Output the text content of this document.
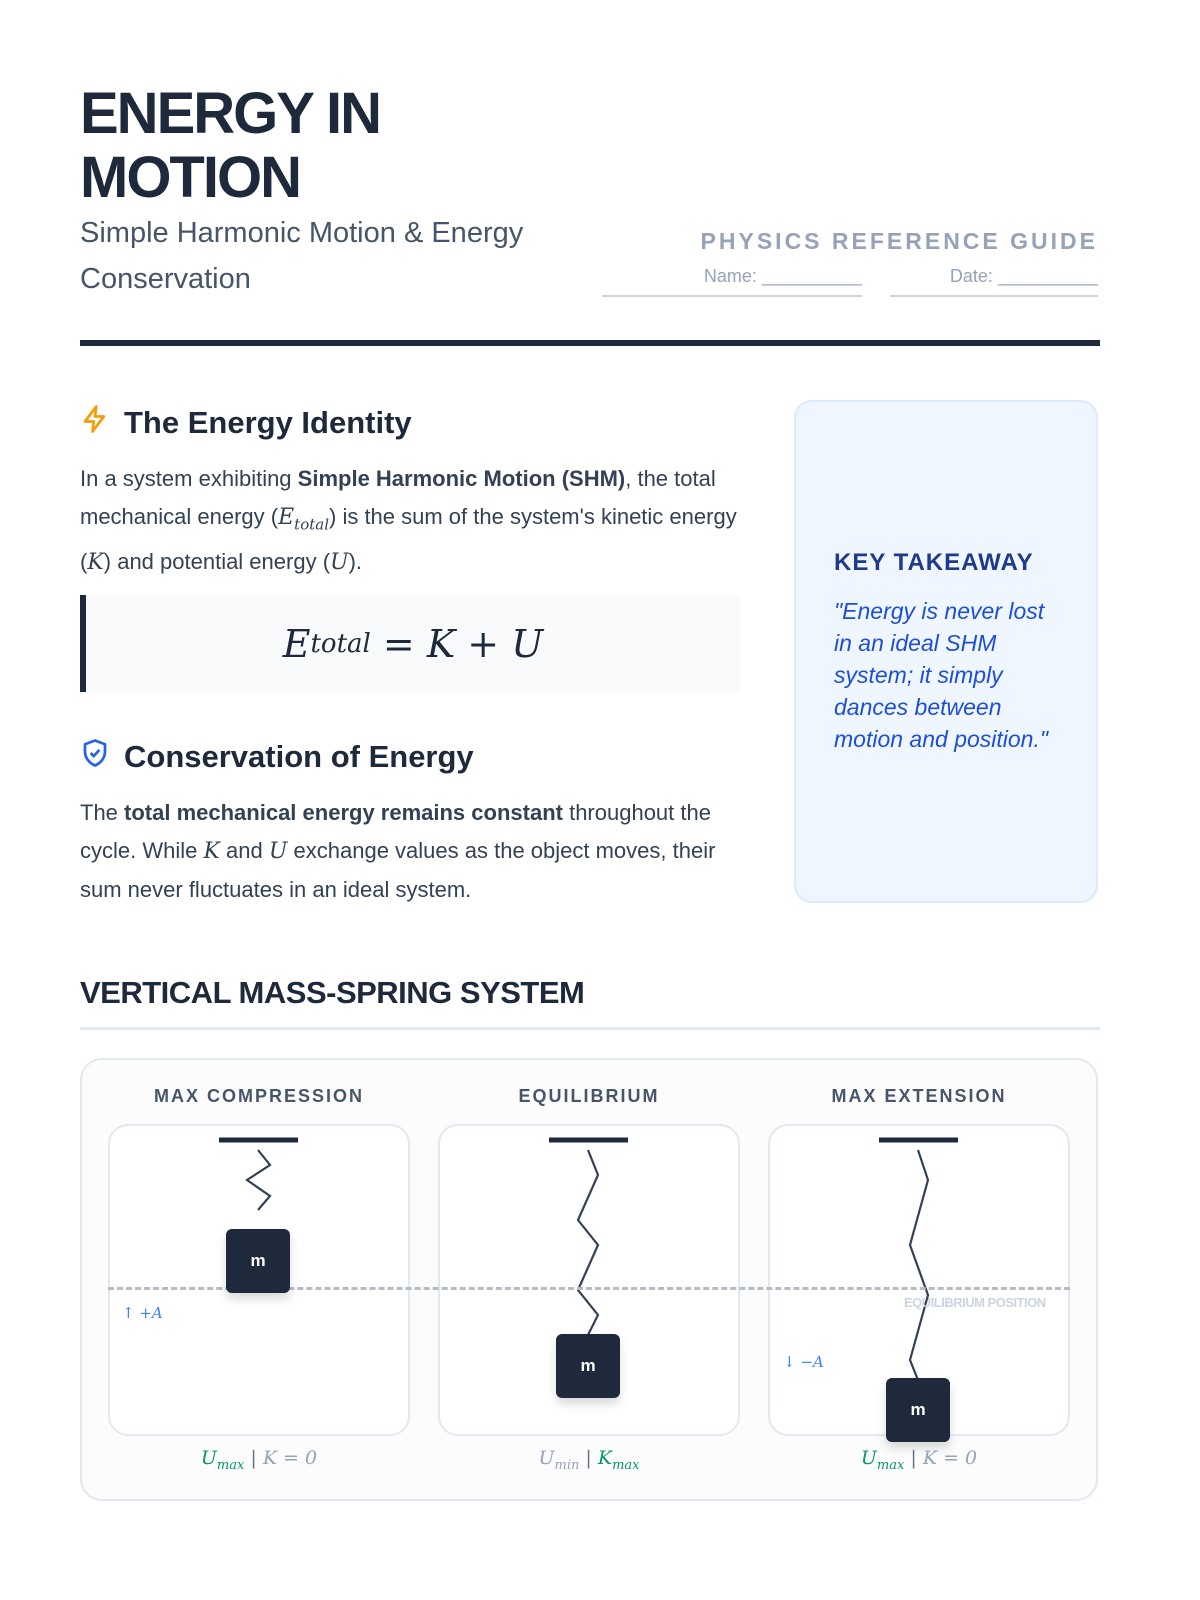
ENERGY IN MOTION
Simple Harmonic Motion & Energy Conservation
PHYSICS REFERENCE GUIDE
Name: __________	Date: __________
The Energy Identity

In a system exhibiting Simple Harmonic Motion (SHM), the total mechanical energy $(E_{total})$ is the sum of the system's kinetic energy (K) and potential energy (U).

E total = K + U
Conservation of Energy

The total mechanical energy remains constant throughout the cycle. While K and U exchange values as the object moves, their sum never fluctuates in an ideal system.

KEY TAKEAWAY
"Energy is never lost in an ideal SHM system; it simply dances between motion and position."
VERTICAL MASS-SPRING SYSTEM
MAX COMPRESSION	EQUILIBRIUM	MAX EXTENSION
EQUILIBRIUM POSITION
m
m
m
↑ +A
↓ −A
$U_{max}$ | K = 0	$U_{min}$ | $K_{max}$	$U_{max}$ | K = 0
